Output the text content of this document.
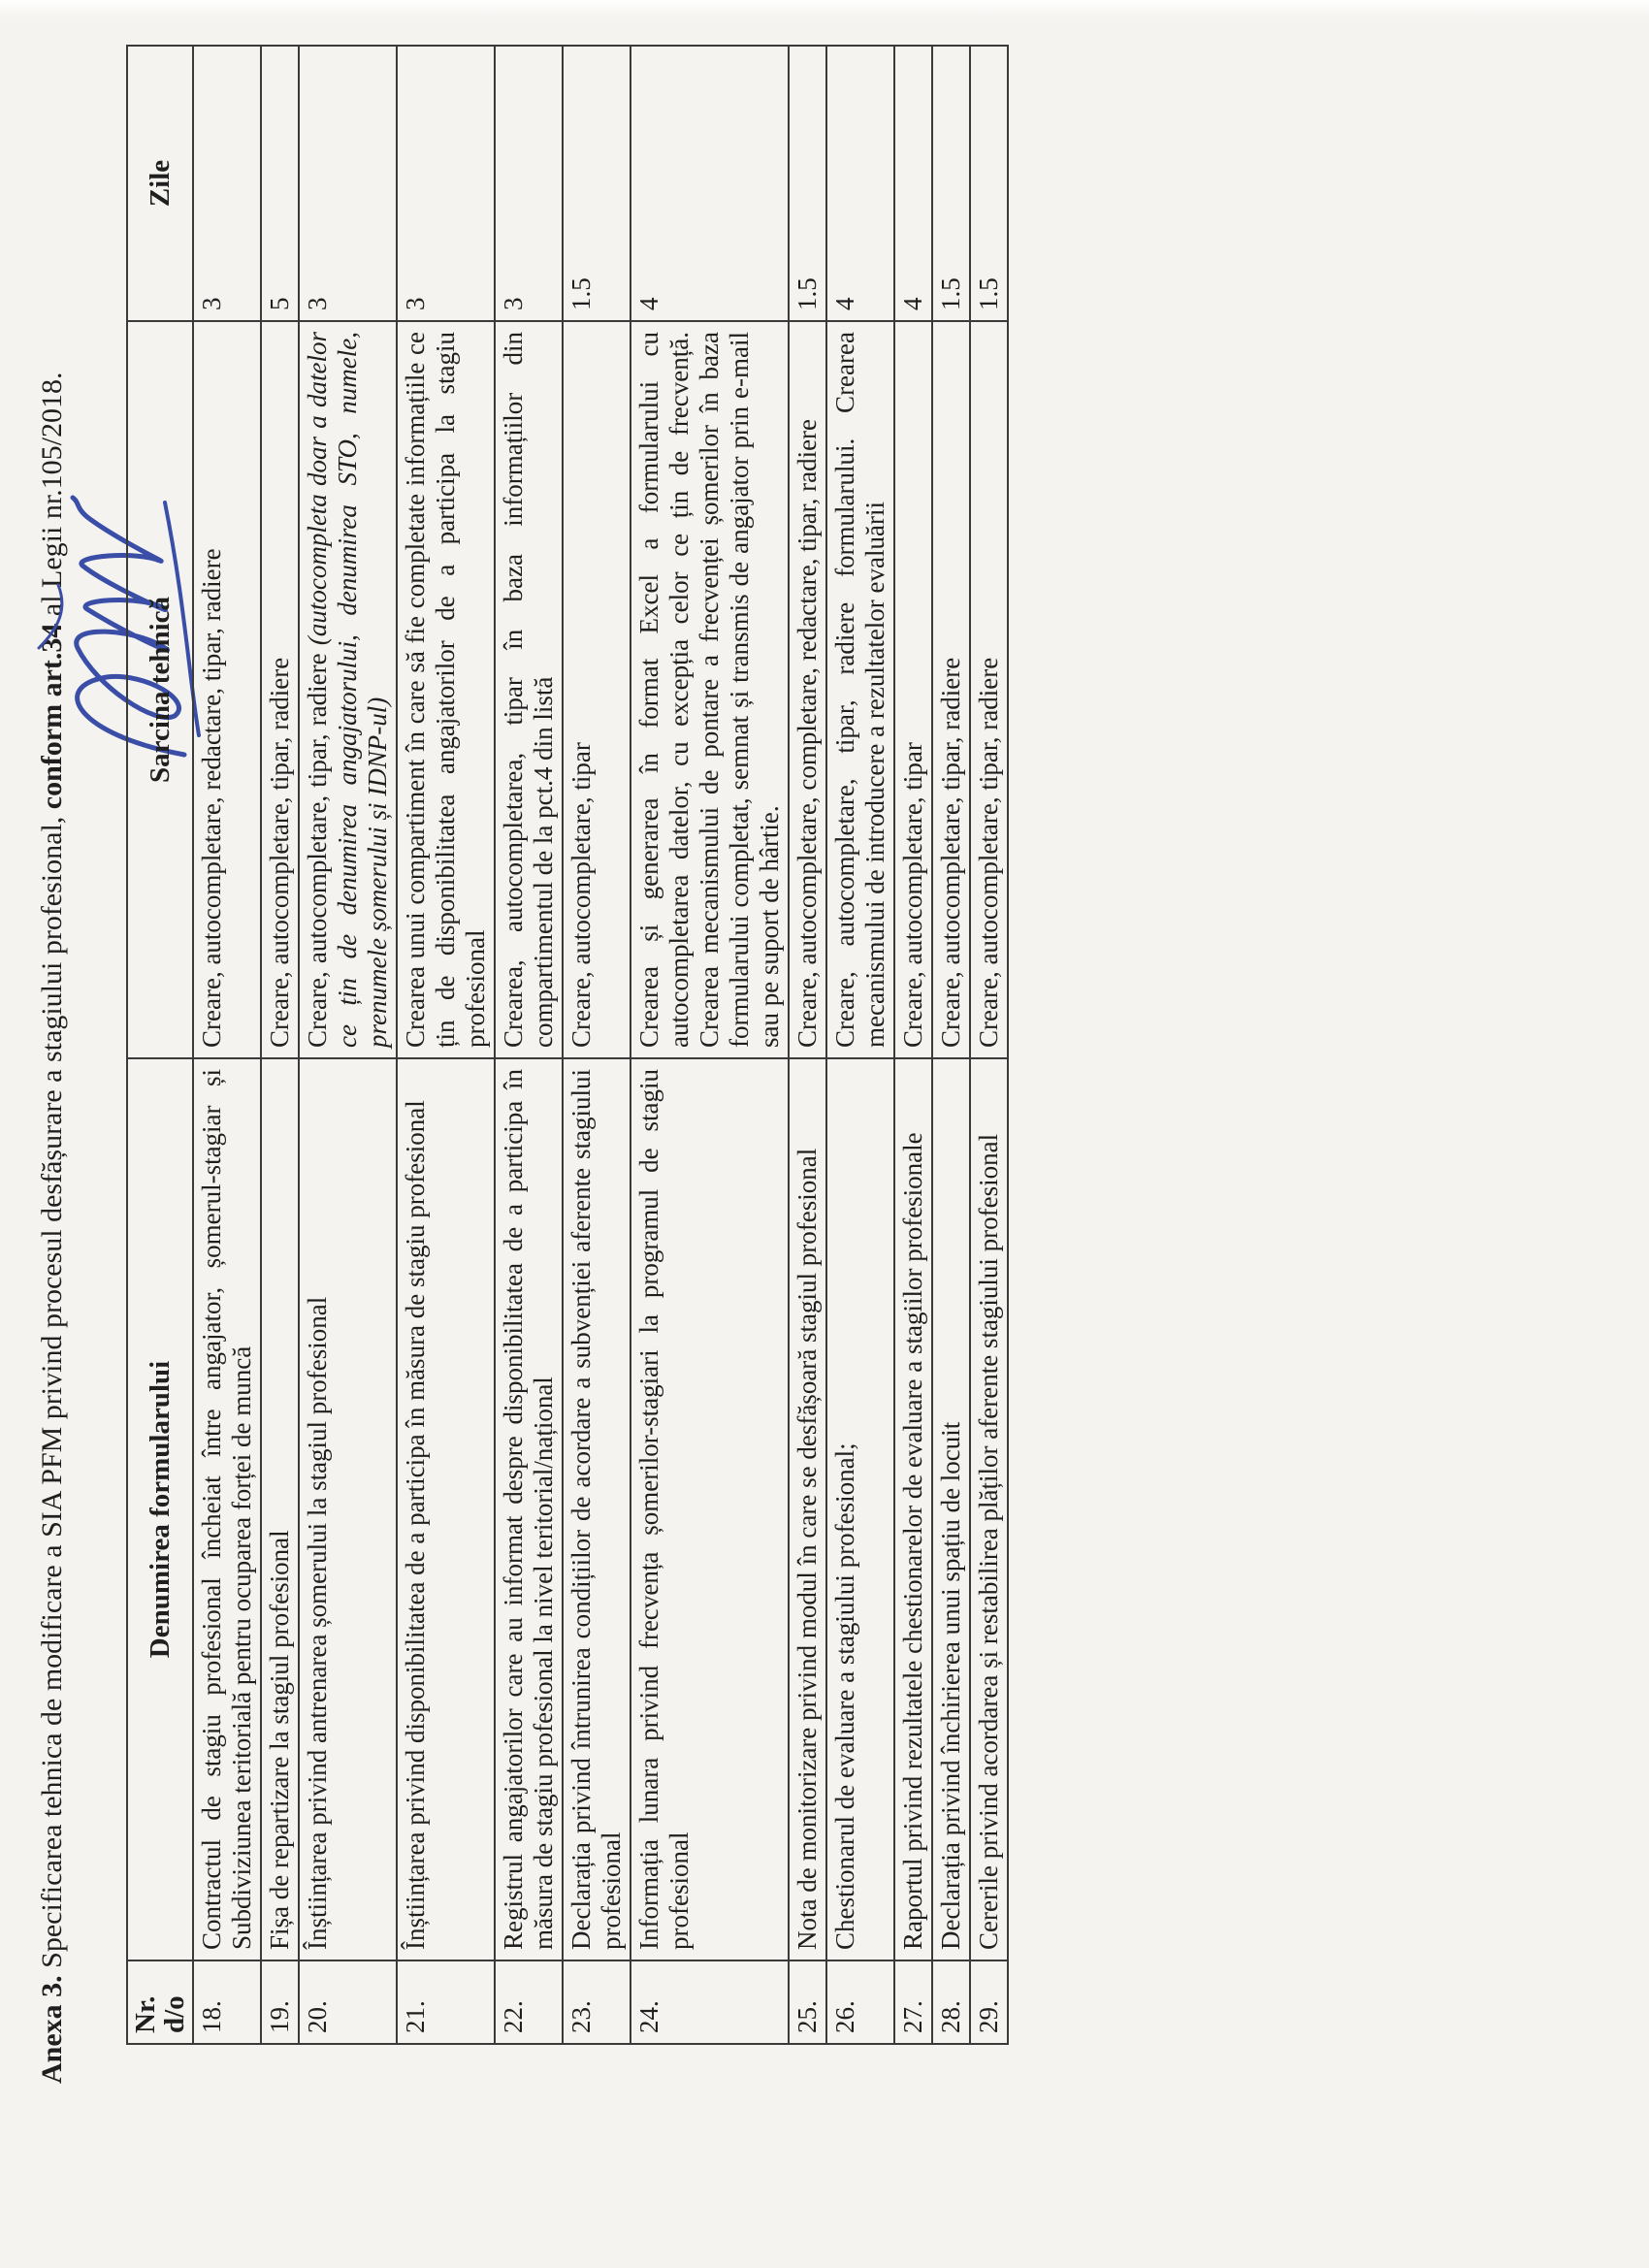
Anexa 3. Specificarea tehnica de modificare a SIA PFM privind procesul desfășurare a stagiului profesional, conform art.34 al Legii nr.105/2018.
Nr. d/o	Denumirea formularului	Sarcina tehnică	Zile
18.	Contractul de stagiu profesional încheiat între angajator, șomerul-stagiar și Subdiviziunea teritorială pentru ocuparea forței de muncă	Creare, autocompletare, redactare, tipar, radiere	3
19.	Fișa de repartizare la stagiul profesional	Creare, autocompletare, tipar, radiere	5
20.	Înștiințarea privind antrenarea șomerului la stagiul profesional	Creare, autocompletare, tipar, radiere (autocompleta doar a datelor ce țin de denumirea angajatorului, denumirea STO, numele, prenumele șomerului și IDNP-ul)	3
21.	Înștiințarea privind disponibilitatea de a participa în măsura de stagiu profesional	Crearea unui compartiment în care să fie completate informațiile ce țin de disponibilitatea angajatorilor de a participa la stagiu profesional	3
22.	Registrul angajatorilor care au informat despre disponibilitatea de a participa în măsura de stagiu profesional la nivel teritorial/național	Crearea, autocompletarea, tipar în baza informațiilor din compartimentul de la pct.4 din listă	3
23.	Declarația privind întrunirea condițiilor de acordare a subvenției aferente stagiului profesional	Creare, autocompletare, tipar	1.5
24.	Informația lunara privind frecvența șomerilor-stagiari la programul de stagiu profesional	Crearea și generarea în format Excel a formularului cu autocompletarea datelor, cu excepția celor ce țin de frecvență. Crearea mecanismului de pontare a frecvenței șomerilor în baza formularului completat, semnat și transmis de angajator prin e-mail sau pe suport de hârtie.	4
25.	Nota de monitorizare privind modul în care se desfășoară stagiul profesional	Creare, autocompletare, completare, redactare, tipar, radiere	1.5
26.	Chestionarul de evaluare a stagiului profesional;	Creare, autocompletare, tipar, radiere formularului. Crearea mecanismului de introducere a rezultatelor evaluării	4
27.	Raportul privind rezultatele chestionarelor de evaluare a stagiilor profesionale	Creare, autocompletare, tipar	4
28.	Declarația privind închirierea unui spațiu de locuit	Creare, autocompletare, tipar, radiere	1.5
29.	Cererile privind acordarea și restabilirea plăților aferente stagiului profesional	Creare, autocompletare, tipar, radiere	1.5
